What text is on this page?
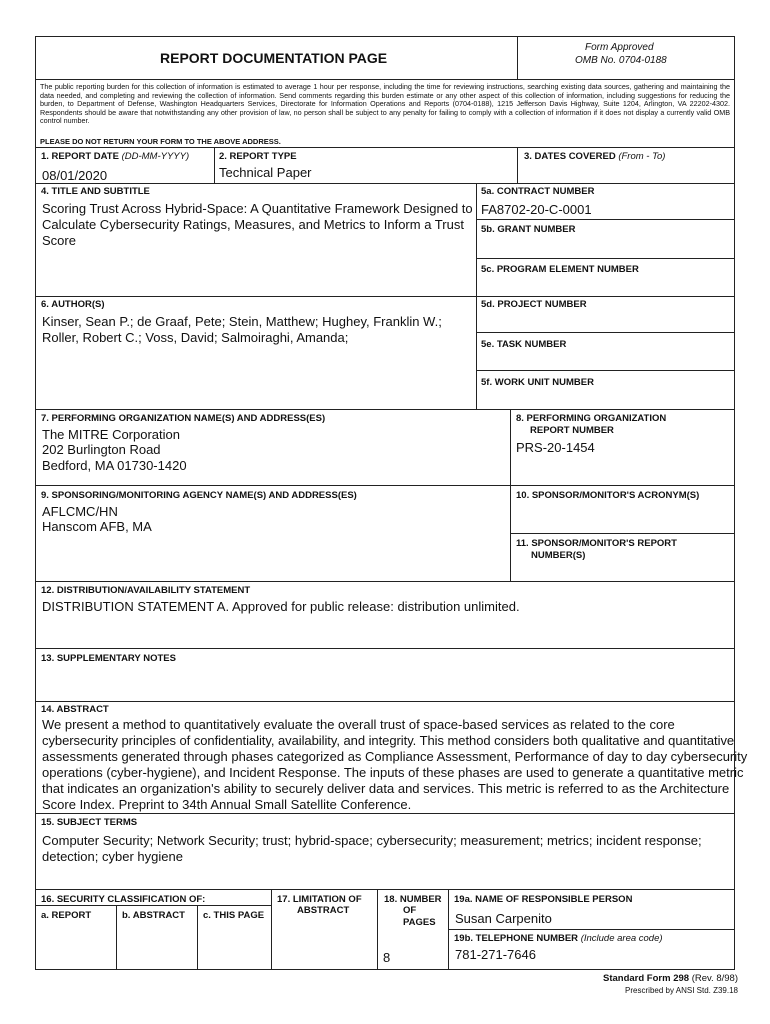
REPORT DOCUMENTATION PAGE
Form Approved
OMB No. 0704-0188
The public reporting burden for this collection of information is estimated to average 1 hour per response, including the time for reviewing instructions, searching existing data sources, gathering and maintaining the data needed, and completing and reviewing the collection of information. Send comments regarding this burden estimate or any other aspect of this collection of information, including suggestions for reducing the burden, to Department of Defense, Washington Headquarters Services, Directorate for Information Operations and Reports (0704-0188), 1215 Jefferson Davis Highway, Suite 1204, Arlington, VA 22202-4302. Respondents should be aware that notwithstanding any other provision of law, no person shall be subject to any penalty for failing to comply with a collection of information if it does not display a currently valid OMB control number.
PLEASE DO NOT RETURN YOUR FORM TO THE ABOVE ADDRESS.
1. REPORT DATE (DD-MM-YYYY)
08/01/2020
2. REPORT TYPE
Technical Paper
3. DATES COVERED (From - To)
4. TITLE AND SUBTITLE
Scoring Trust Across Hybrid-Space: A Quantitative Framework Designed to
Calculate Cybersecurity Ratings, Measures, and Metrics to Inform a Trust
Score
5a. CONTRACT NUMBER
FA8702-20-C-0001
5b. GRANT NUMBER
5c. PROGRAM ELEMENT NUMBER
6. AUTHOR(S)
Kinser, Sean P.; de Graaf, Pete; Stein, Matthew; Hughey, Franklin W.;
Roller, Robert C.; Voss, David; Salmoiraghi, Amanda;
5d. PROJECT NUMBER
5e. TASK NUMBER
5f. WORK UNIT NUMBER
7. PERFORMING ORGANIZATION NAME(S) AND ADDRESS(ES)
The MITRE Corporation
202 Burlington Road
Bedford, MA 01730-1420
8. PERFORMING ORGANIZATION
REPORT NUMBER
PRS-20-1454
9. SPONSORING/MONITORING AGENCY NAME(S) AND ADDRESS(ES)
AFLCMC/HN
Hanscom AFB, MA
10. SPONSOR/MONITOR'S ACRONYM(S)
11. SPONSOR/MONITOR'S REPORT
NUMBER(S)
12. DISTRIBUTION/AVAILABILITY STATEMENT
DISTRIBUTION STATEMENT A. Approved for public release: distribution unlimited.
13. SUPPLEMENTARY NOTES
14. ABSTRACT
We present a method to quantitatively evaluate the overall trust of space-based services as related to the core
cybersecurity principles of confidentiality, availability, and integrity. This method considers both qualitative and quantitative
assessments generated through phases categorized as Compliance Assessment, Performance of day to day cybersecurity
operations (cyber-hygiene), and Incident Response. The inputs of these phases are used to generate a quantitative metric
that indicates an organization's ability to securely deliver data and services. This metric is referred to as the Architecture
Score Index. Preprint to 34th Annual Small Satellite Conference.
15. SUBJECT TERMS
Computer Security; Network Security; trust; hybrid-space; cybersecurity; measurement; metrics; incident response;
detection; cyber hygiene
16. SECURITY CLASSIFICATION OF:
a. REPORT	b. ABSTRACT c. THIS PAGE
17. LIMITATION OF
ABSTRACT
18. NUMBER
OF
PAGES
8
19a. NAME OF RESPONSIBLE PERSON
Susan Carpenito
19b. TELEPHONE NUMBER (Include area code)
781-271-7646
Standard Form 298 (Rev. 8/98)
Prescribed by ANSI Std. Z39.18
